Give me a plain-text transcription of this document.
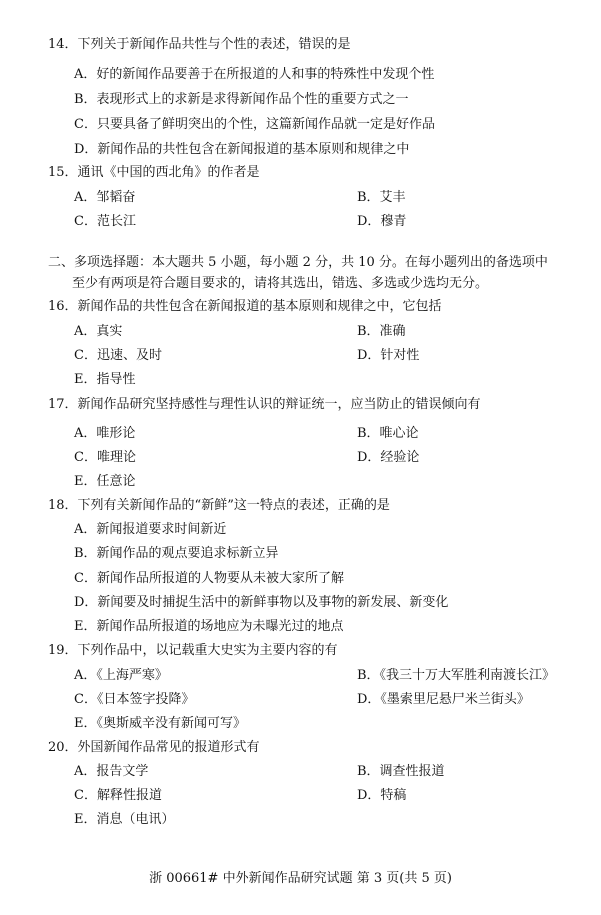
14．下列关于新闻作品共性与个性的表述，错误的是
A．好的新闻作品要善于在所报道的人和事的特殊性中发现个性
B．表现形式上的求新是求得新闻作品个性的重要方式之一
C．只要具备了鲜明突出的个性，这篇新闻作品就一定是好作品
D．新闻作品的共性包含在新闻报道的基本原则和规律之中
15．通讯《中国的西北角》的作者是
A．邹韬奋	B．艾丰
C．范长江	D．穆青
二、多项选择题：本大题共 5 小题，每小题 2 分，共 10 分。在每小题列出的备选项中
至少有两项是符合题目要求的，请将其选出，错选、多选或少选均无分。
16．新闻作品的共性包含在新闻报道的基本原则和规律之中，它包括
A．真实	B．准确
C．迅速、及时	D．针对性
E．指导性
17．新闻作品研究坚持感性与理性认识的辩证统一，应当防止的错误倾向有
A．唯形论	B．唯心论
C．唯理论	D．经验论
E．任意论
18．下列有关新闻作品的“新鲜”这一特点的表述，正确的是
A．新闻报道要求时间新近
B．新闻作品的观点要追求标新立异
C．新闻作品所报道的人物要从未被大家所了解
D．新闻要及时捕捉生活中的新鲜事物以及事物的新发展、新变化
E．新闻作品所报道的场地应为未曝光过的地点
19．下列作品中，以记载重大史实为主要内容的有
A．《上海严寒》	B．《我三十万大军胜利南渡长江》
C．《日本签字投降》	D．《墨索里尼悬尸米兰街头》
E．《奥斯威辛没有新闻可写》
20．外国新闻作品常见的报道形式有
A．报告文学	B．调查性报道
C．解释性报道	D．特稿
E．消息（电讯）
浙 00661# 中外新闻作品研究试题 第 3 页(共 5 页)
